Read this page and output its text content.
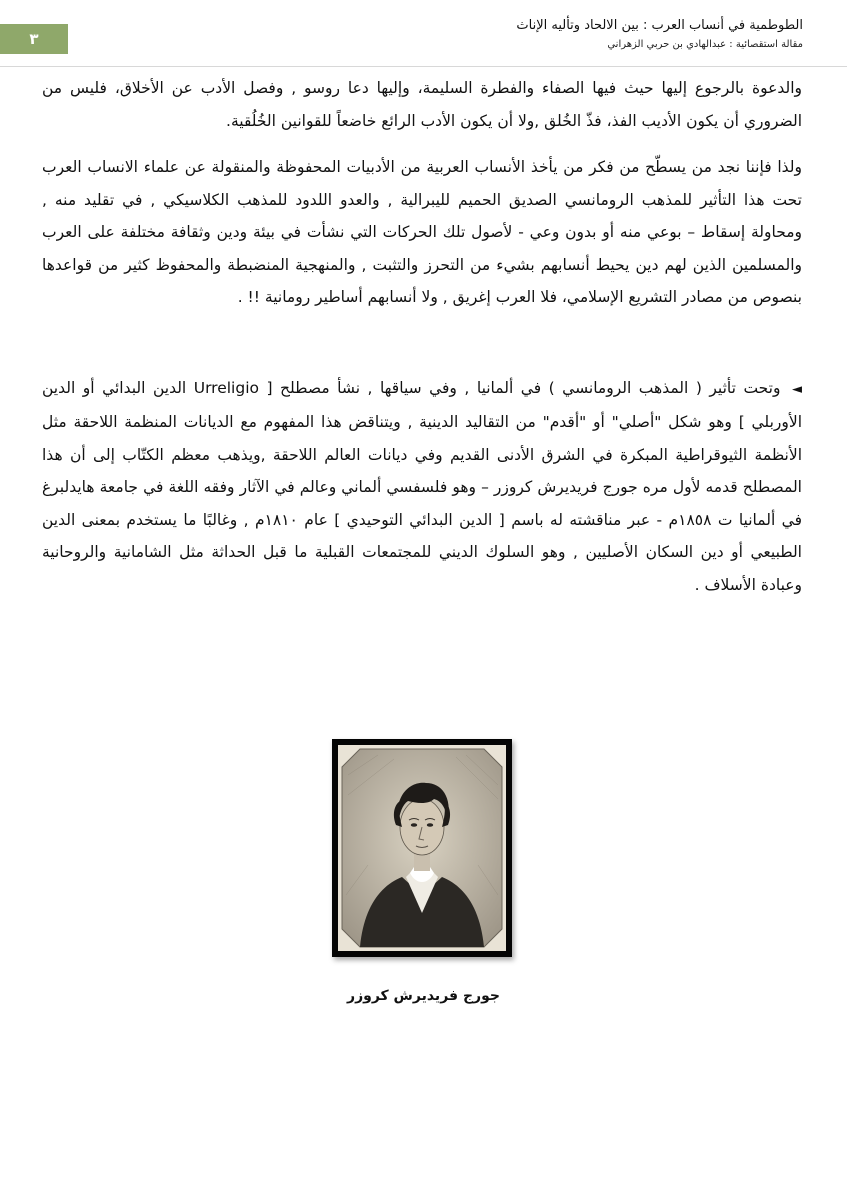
الطوطمية في أنساب العرب : بين الالحاد وتأليه الإناث
مقالة استقصائية : عبدالهادي بن حربي الزهراني
٣

والدعوة بالرجوع إليها حيث فيها الصفاء والفطرة السليمة، وإليها دعا روسو , وفصل الأدب عن الأخلاق، فليس من الضروري أن يكون الأديب الفذ، فذّ الخُلق ,ولا أن يكون الأدب الرائع خاضعاً للقوانين الخُلُقية.

ولذا فإننا نجد من يسطّح من فكر من يأخذ الأنساب العربية من الأدبيات المحفوظة والمنقولة عن علماء الانساب العرب تحت هذا التأثير للمذهب الرومانسي الصديق الحميم لليبرالية , والعدو اللدود للمذهب الكلاسيكي , في تقليد منه , ومحاولة إسقاط – بوعي منه أو بدون وعي - لأصول تلك الحركات التي نشأت في بيئة ودين وثقافة مختلفة على العرب والمسلمين الذين لهم دين يحيط أنسابهم بشيء من التحرز والتثبت , والمنهجية المنضبطة والمحفوظ كثير من قواعدها بنصوص من مصادر التشريع الإسلامي، فلا العرب إغريق , ولا أنسابهم أساطير رومانية !! .

◄ وتحت تأثير ( المذهب الرومانسي ) في ألمانيا , وفي سياقها , نشأ مصطلح [ Urreligio الدين البدائي أو الدين الأوربلي ] وهو شكل "أصلي" أو "أقدم" من التقاليد الدينية , ويتناقض هذا المفهوم مع الديانات المنظمة اللاحقة مثل الأنظمة الثيوقراطية المبكرة في الشرق الأدنى القديم وفي ديانات العالم اللاحقة ,ويذهب معظم الكتّاب إلى أن هذا المصطلح قدمه لأول مره جورج فريديرش كروزر – وهو فلسفسي ألماني وعالم في الآثار وفقه اللغة في جامعة هايدلبرغ في ألمانيا ت ١٨٥٨م - عبر مناقشته له باسم [ الدين البدائي التوحيدي ] عام ١٨١٠م , وغالبًا ما يستخدم بمعنى الدين الطبيعي أو دين السكان الأصليين , وهو السلوك الديني للمجتمعات القبلية ما قبل الحداثة مثل الشامانية والروحانية وعبادة الأسلاف .

جورج فريديرش كروزر
